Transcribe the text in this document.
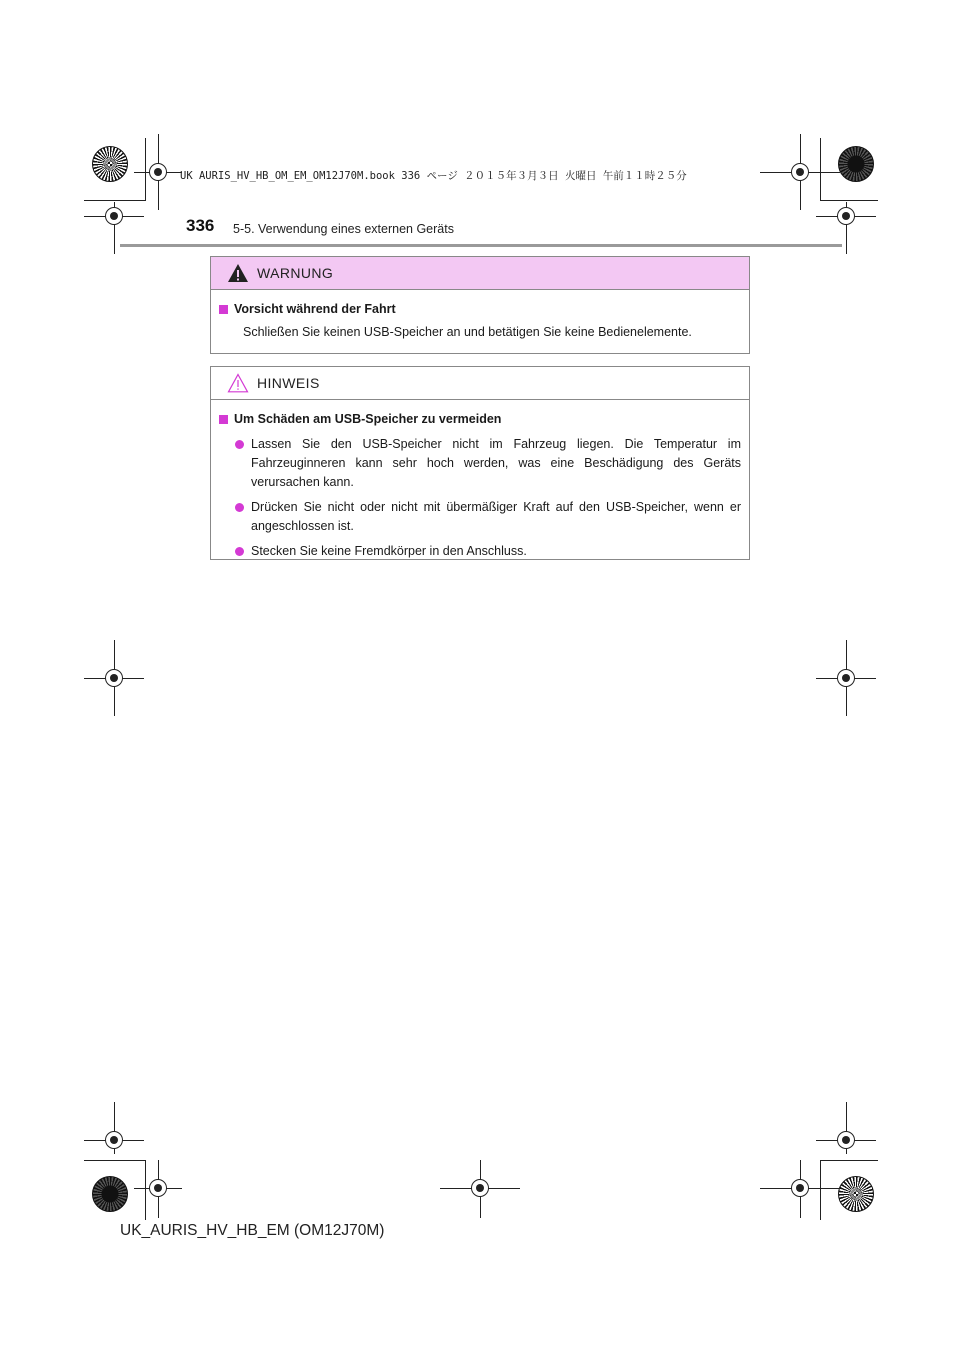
UK AURIS_HV_HB_OM_EM_OM12J70M.book 336 ページ ２０１５年３月３日 火曜日 午前１１時２５分
336 5-5. Verwendung eines externen Geräts
WARNUNG
Vorsicht während der Fahrt
Schließen Sie keinen USB-Speicher an und betätigen Sie keine Bedienelemente.
HINWEIS
Um Schäden am USB-Speicher zu vermeiden
Lassen Sie den USB-Speicher nicht im Fahrzeug liegen. Die Temperatur im Fahrzeuginneren kann sehr hoch werden, was eine Beschädigung des Geräts verursachen kann.
Drücken Sie nicht oder nicht mit übermäßiger Kraft auf den USB-Speicher, wenn er angeschlossen ist.
Stecken Sie keine Fremdkörper in den Anschluss.
UK_AURIS_HV_HB_EM (OM12J70M)
